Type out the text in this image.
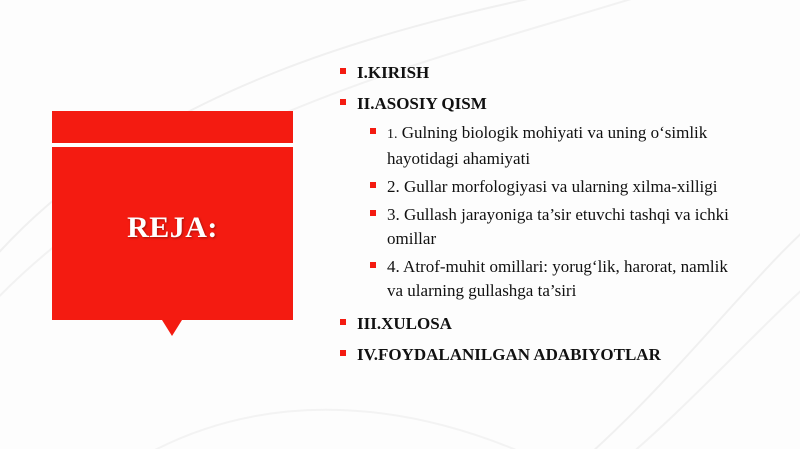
REJA:
I.KIRISH
II.ASOSIY QISM
1. Gulning biologik mohiyati va uning o‘simlik hayotidagi ahamiyati
2. Gullar morfologiyasi va ularning xilma-xilligi
3. Gullash jarayoniga ta’sir etuvchi tashqi va ichki omillar
4. Atrof-muhit omillari: yorug‘lik, harorat, namlik va ularning gullashga ta’siri
III.XULOSA
IV.FOYDALANILGAN ADABIYOTLAR
